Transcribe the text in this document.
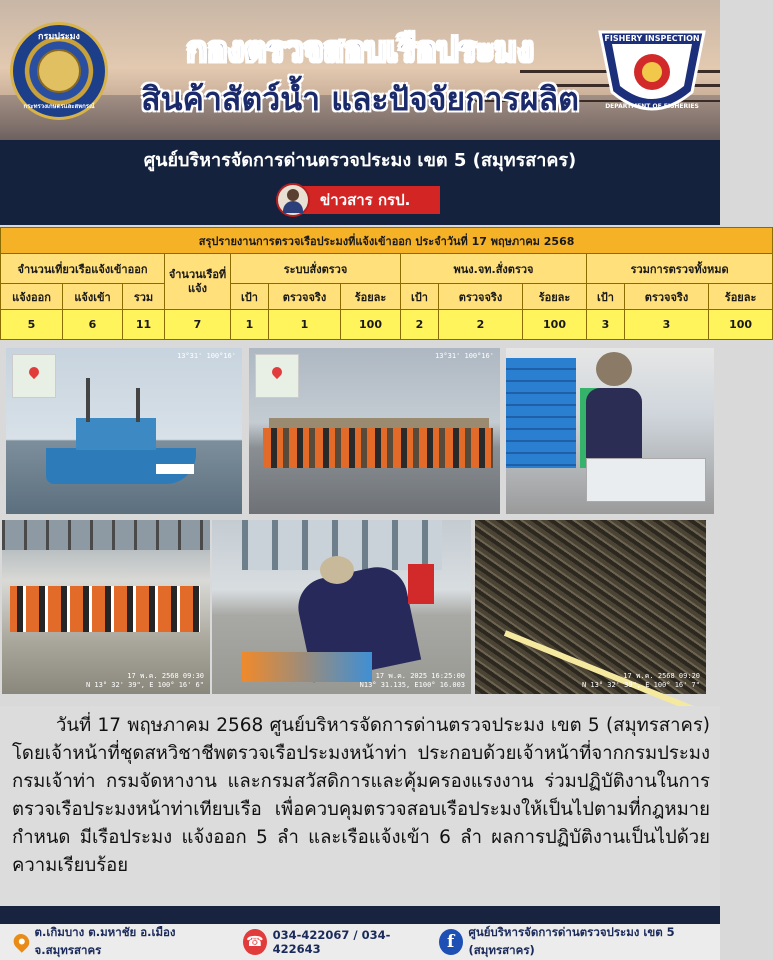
กรมประมง
กระทรวงเกษตรและสหกรณ์
FISHERY INSPECTION
DEPARTMENT OF FISHERIES
กองตรวจสอบเรือประมง
สินค้าสัตว์น้ำ และปัจจัยการผลิต
ศูนย์บริหารจัดการด่านตรวจประมง เขต 5 (สมุทรสาคร)
ข่าวสาร กรป.
สรุปรายงานการตรวจเรือประมงที่แจ้งเข้าออก ประจำวันที่ 17 พฤษภาคม 2568												
จำนวนเที่ยวเรือแจ้งเข้าออก			จำนวนเรือที่แจ้ง	ระบบสั่งตรวจ			พนง.จท.สั่งตรวจ			รวมการตรวจทั้งหมด		
แจ้งออก	แจ้งเข้า	รวม		เป้า	ตรวจจริง	ร้อยละ	เป้า	ตรวจจริง	ร้อยละ	เป้า	ตรวจจริง	ร้อยละ
5	6	11	7	1	1	100	2	2	100	3	3	100
13°31' 100°16'	13°31' 100°16'
17 พ.ค. 2568 09:30
N 13° 32' 39", E 100° 16' 6"
17 พ.ค. 2025 16:25:00
N13° 31.135, E100° 16.003
17 พ.ค. 2568 09:20
N 13° 32' 39", E 100° 16' 7"

วันที่ 17 พฤษภาคม 2568 ศูนย์บริหารจัดการด่านตรวจประมง เขต 5 (สมุทรสาคร) โดยเจ้าหน้าที่ชุดสหวิชาชีพตรวจเรือประมงหน้าท่า ประกอบด้วยเจ้าหน้าที่จากกรมประมง กรมเจ้าท่า กรมจัดหางาน และกรมสวัสดิการและคุ้มครองแรงงาน ร่วมปฏิบัติงานในการตรวจเรือประมงหน้าท่าเทียบเรือ เพื่อควบคุมตรวจสอบเรือประมงให้เป็นไปตามที่กฎหมายกำหนด มีเรือประมง แจ้งออก 5 ลำ และเรือแจ้งเข้า 6 ลำ ผลการปฏิบัติงานเป็นไปด้วยความเรียบร้อย

ต.เกิมบาง ต.มหาชัย อ.เมือง จ.สมุทรสาคร	☎ 034-422067 / 034-422643	f	ศูนย์บริหารจัดการด่านตรวจประมง เขต 5 (สมุทรสาคร)
